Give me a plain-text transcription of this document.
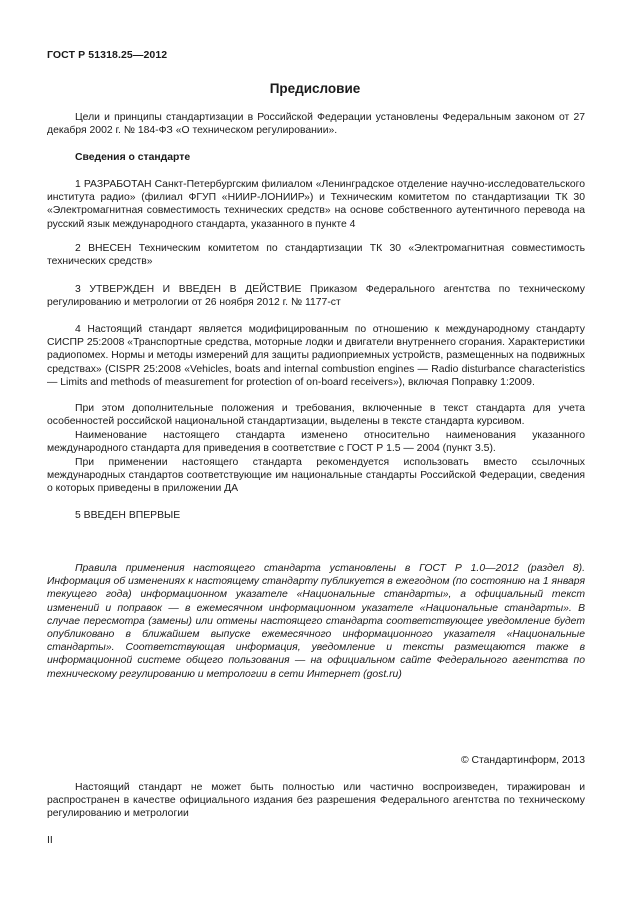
ГОСТ Р 51318.25—2012
Предисловие

Цели и принципы стандартизации в Российской Федерации установлены Федеральным законом от 27 декабря 2002 г. № 184-ФЗ «О техническом регулировании».

Сведения о стандарте

1 РАЗРАБОТАН Санкт-Петербургским филиалом «Ленинградское отделение научно-исследовательского института радио» (филиал ФГУП «НИИР-ЛОНИИР») и Техническим комитетом по стандартизации ТК 30 «Электромагнитная совместимость технических средств» на основе собственного аутентичного перевода на русский язык международного стандарта, указанного в пункте 4

2 ВНЕСЕН Техническим комитетом по стандартизации ТК 30 «Электромагнитная совместимость технических средств»

3 УТВЕРЖДЕН И ВВЕДЕН В ДЕЙСТВИЕ Приказом Федерального агентства по техническому регулированию и метрологии от 26 ноября 2012 г. № 1177-ст

4 Настоящий стандарт является модифицированным по отношению к международному стандарту СИСПР 25:2008 «Транспортные средства, моторные лодки и двигатели внутреннего сгорания. Характеристики радиопомех. Нормы и методы измерений для защиты радиоприемных устройств, размещенных на подвижных средствах» (CISPR 25:2008 «Vehicles, boats and internal combustion engines — Radio disturbance characteristics — Limits and methods of measurement for protection of on-board receivers»), включая Поправку 1:2009.

При этом дополнительные положения и требования, включенные в текст стандарта для учета особенностей российской национальной стандартизации, выделены в тексте стандарта курсивом.

Наименование настоящего стандарта изменено относительно наименования указанного международного стандарта для приведения в соответствие с ГОСТ Р 1.5 — 2004 (пункт 3.5).

При применении настоящего стандарта рекомендуется использовать вместо ссылочных международных стандартов соответствующие им национальные стандарты Российской Федерации, сведения о которых приведены в приложении ДА

5 ВВЕДЕН ВПЕРВЫЕ

Правила применения настоящего стандарта установлены в ГОСТ Р 1.0—2012 (раздел 8). Информация об изменениях к настоящему стандарту публикуется в ежегодном (по состоянию на 1 января текущего года) информационном указателе «Национальные стандарты», а официальный текст изменений и поправок — в ежемесячном информационном указателе «Национальные стандарты». В случае пересмотра (замены) или отмены настоящего стандарта соответствующее уведомление будет опубликовано в ближайшем выпуске ежемесячного информационного указателя «Национальные стандарты». Соответствующая информация, уведомление и тексты размещаются также в информационной системе общего пользования — на официальном сайте Федерального агентства по техническому регулированию и метрологии в сети Интернет (gost.ru)

© Стандартинформ, 2013

Настоящий стандарт не может быть полностью или частично воспроизведен, тиражирован и распространен в качестве официального издания без разрешения Федерального агентства по техническому регулированию и метрологии

II
